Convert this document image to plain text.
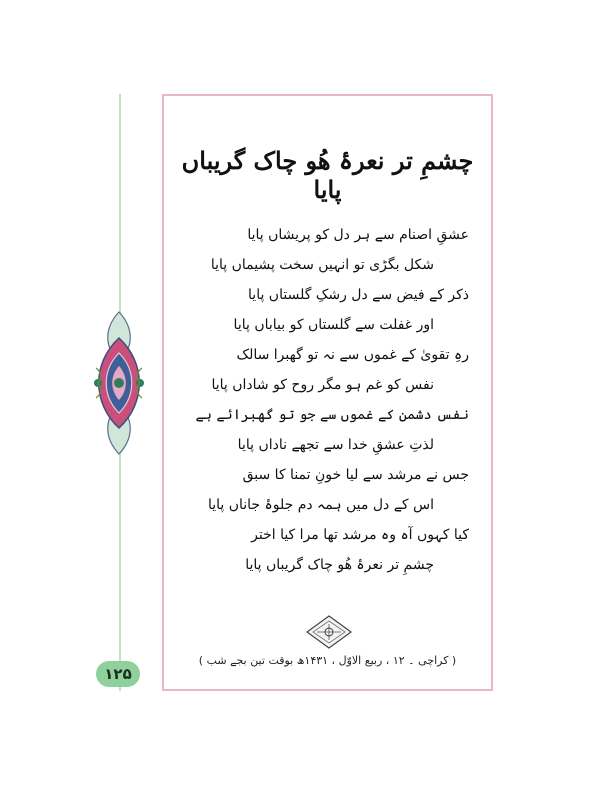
۱۲۵
چشمِ تر نعرۂ ھُو چاک گریباں پایا
عشقِ اصنام سے ہر دل کو پریشاں پایا
شکل بگڑی تو انہیں سخت پشیماں پایا
ذکر کے فیض سے دل رشکِ گلستاں پایا
اور غفلت سے گلستاں کو بیاباں پایا
رہِ تقویٰ کے غموں سے نہ تو گھبرا سالک
نفس کو غم ہو مگر روح کو شاداں پایا
نفس دشمن کے غموں سے جو تو گھبرائے ہے
لذتِ عشقِ خدا سے تجھے ناداں پایا
جس نے مرشد سے لیا خونِ تمنا کا سبق
اس کے دل میں ہمہ دم جلوۂ جاناں پایا
کیا کہوں آہ وہ مرشد تھا مرا کیا اختر
چشمِ تر نعرۂ ھُو چاک گریباں پایا
( کراچی ۔ ۱۲ ، ربیع الاوّل ، ۱۴۳۱ھ بوقت تین بجے شب )
